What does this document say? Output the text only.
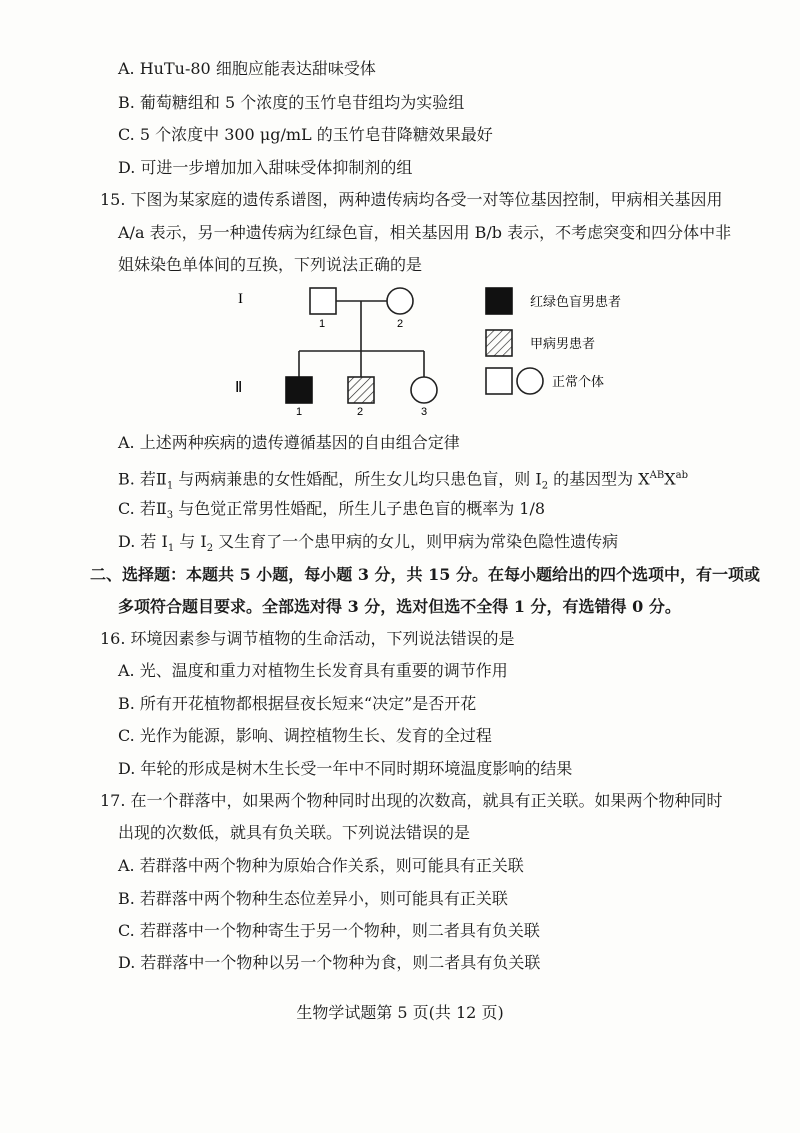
A. HuTu-80 细胞应能表达甜味受体
B. 葡萄糖组和 5 个浓度的玉竹皂苷组均为实验组
C. 5 个浓度中 300 μg/mL 的玉竹皂苷降糖效果最好
D. 可进一步增加加入甜味受体抑制剂的组
15. 下图为某家庭的遗传系谱图，两种遗传病均各受一对等位基因控制，甲病相关基因用
A/a 表示，另一种遗传病为红绿色盲，相关基因用 B/b 表示，不考虑突变和四分体中非
姐妹染色单体间的互换，下列说法正确的是
I
Ⅱ
1	2
1	2	3
红绿色盲男患者
甲病男患者
正常个体
A. 上述两种疾病的遗传遵循基因的自由组合定律
B. 若$Ⅱ_1$ 与两病兼患的女性婚配，所生女儿均只患色盲，则 $I_2$ 的基因型为 $X^{AB}X^{ab}$
C. 若$Ⅱ_3$ 与色觉正常男性婚配，所生儿子患色盲的概率为 1/8
D. 若 $I_1$ 与 $I_2$ 又生育了一个患甲病的女儿，则甲病为常染色隐性遗传病
二、选择题：本题共 5 小题，每小题 3 分，共 15 分。在每小题给出的四个选项中，有一项或
多项符合题目要求。全部选对得 3 分，选对但选不全得 1 分，有选错得 0 分。
16. 环境因素参与调节植物的生命活动，下列说法错误的是
A. 光、温度和重力对植物生长发育具有重要的调节作用
B. 所有开花植物都根据昼夜长短来“决定”是否开花
C. 光作为能源，影响、调控植物生长、发育的全过程
D. 年轮的形成是树木生长受一年中不同时期环境温度影响的结果
17. 在一个群落中，如果两个物种同时出现的次数高，就具有正关联。如果两个物种同时
出现的次数低，就具有负关联。下列说法错误的是
A. 若群落中两个物种为原始合作关系，则可能具有正关联
B. 若群落中两个物种生态位差异小，则可能具有正关联
C. 若群落中一个物种寄生于另一个物种，则二者具有负关联
D. 若群落中一个物种以另一个物种为食，则二者具有负关联
生物学试题第 5 页(共 12 页)
